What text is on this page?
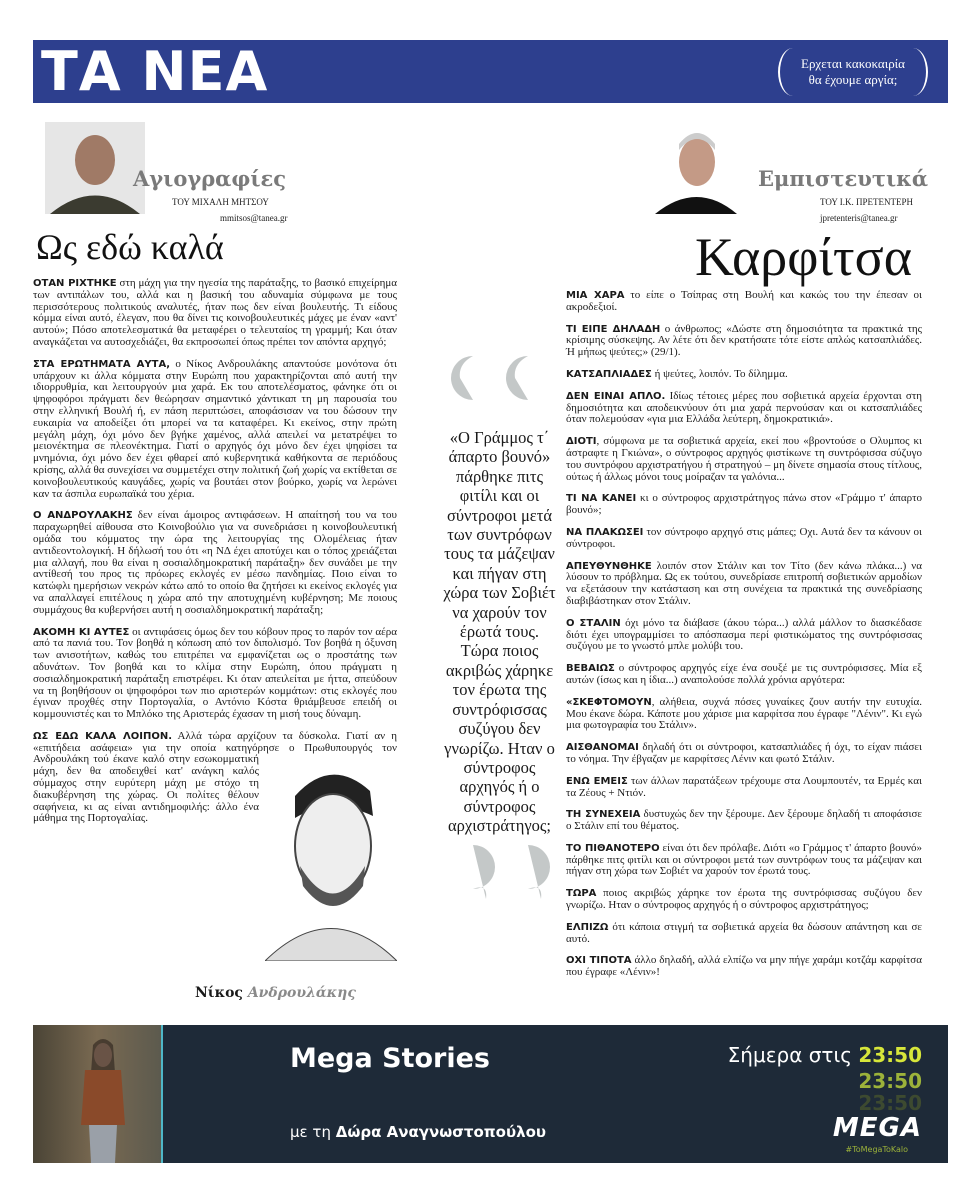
ΤΑ ΝΕΑ	Ερχεται κακοκαιρία
θα έχουμε αργία;
Αγιογραφίες
ΤΟΥ ΜΙΧΑΛΗ ΜΗΤΣΟΥ
mmitsos@tanea.gr
Ως εδώ καλά

ΟΤΑΝ ΡΙΧΤΗΚΕ στη μάχη για την ηγεσία της παράταξης, το βασικό επιχείρημα των αντιπάλων του, αλλά και η βασική του αδυναμία σύμφωνα με τους περισσότερους πολιτικούς αναλυτές, ήταν πως δεν είναι βουλευτής. Τι είδους κόμμα είναι αυτό, έλεγαν, που θα δίνει τις κοινοβουλευτικές μάχες με έναν «αντ' αυτού»; Πόσο αποτελεσματικά θα μεταφέρει ο τελευταίος τη γραμμή; Και όταν αναγκάζεται να αυτοσχεδιάζει, θα εκπροσωπεί όπως πρέπει τον απόντα αρχηγό;

ΣΤΑ ΕΡΩΤΗΜΑΤΑ ΑΥΤΑ, ο Νίκος Ανδρουλάκης απαντούσε μονότονα ότι υπάρχουν κι άλλα κόμματα στην Ευρώπη που χαρακτηρίζονται από αυτή την ιδιορρυθμία, και λειτουργούν μια χαρά. Εκ του αποτελέσματος, φάνηκε ότι οι ψηφοφόροι πράγματι δεν θεώρησαν σημαντικό χάντικαπ τη μη παρουσία του στην ελληνική Βουλή ή, εν πάση περιπτώσει, αποφάσισαν να του δώσουν την ευκαιρία να αποδείξει ότι μπορεί να τα καταφέρει. Κι εκείνος, στην πρώτη μεγάλη μάχη, όχι μόνο δεν βγήκε χαμένος, αλλά απειλεί να μετατρέψει το μειονέκτημα σε πλεονέκτημα. Γιατί ο αρχηγός όχι μόνο δεν έχει ψηφίσει τα μνημόνια, όχι μόνο δεν έχει φθαρεί από κυβερνητικά καθήκοντα σε περιόδους κρίσης, αλλά θα συνεχίσει να συμμετέχει στην πολιτική ζωή χωρίς να εκτίθεται σε κοινοβουλευτικούς καυγάδες, χωρίς να βουτάει στον βούρκο, χωρίς να λερώνει καν τα άσπιλα ευρωπαϊκά του χέρια.

Ο ΑΝΔΡΟΥΛΑΚΗΣ δεν είναι άμοιρος αντιφάσεων. Η απαίτησή του να του παραχωρηθεί αίθουσα στο Κοινοβούλιο για να συνεδριάσει η κοινοβουλευτική ομάδα του κόμματος την ώρα της λειτουργίας της Ολομέλειας ήταν αντιδεοντολογική. Η δήλωσή του ότι «η ΝΔ έχει αποτύχει και ο τόπος χρειάζεται μια αλλαγή, που θα είναι η σοσιαλδημοκρατική παράταξη» δεν συνάδει με την αντίθεσή του προς τις πρόωρες εκλογές εν μέσω πανδημίας. Ποιο είναι το κατώφλι ημερήσιων νεκρών κάτω από το οποίο θα ζητήσει κι εκείνος εκλογές για να απαλλαγεί επιτέλους η χώρα από την αποτυχημένη κυβέρνηση; Με ποιους συμμάχους θα κυβερνήσει αυτή η σοσιαλδημοκρατική παράταξη;

ΑΚΟΜΗ ΚΙ ΑΥΤΕΣ οι αντιφάσεις όμως δεν του κόβουν προς το παρόν τον αέρα από τα πανιά του. Τον βοηθά η κόπωση από τον διπολισμό. Τον βοηθά η όξυνση των ανισοτήτων, καθώς του επιτρέπει να εμφανίζεται ως ο προστάτης των αδυνάτων. Τον βοηθά και το κλίμα στην Ευρώπη, όπου πράγματι η σοσιαλδημοκρατική παράταξη επιστρέφει. Κι όταν απειλείται με ήττα, σπεύδουν να τη βοηθήσουν οι ψηφοφόροι των πιο αριστερών κομμάτων: στις εκλογές που έγιναν προχθές στην Πορτογαλία, ο Αντόνιο Κόστα θριάμβευσε επειδή οι κομμουνιστές και το Μπλόκο της Αριστεράς έχασαν τη μισή τους δύναμη.

ΩΣ ΕΔΩ ΚΑΛΑ ΛΟΙΠΟΝ. Αλλά τώρα αρχίζουν τα δύσκολα. Γιατί αν η «επιτήδεια ασάφεια» για την οποία κατηγόρησε ο Πρωθυπουργός τον Ανδρουλάκη τού έκανε καλό στην εσωκομματική μάχη, δεν θα αποδειχθεί κατ' ανάγκη καλός σύμμαχος στην ευρύτερη μάχη με στόχο τη διακυβέρνηση της χώρας. Οι πολίτες θέλουν σαφήνεια, κι ας είναι αντιδημοφιλής: άλλο ένα μάθημα της Πορτογαλίας.

Νίκος Ανδρουλάκης
«Ο Γράμμος τ΄ άπαρτο βουνό» πάρθηκε πιτς φιτίλι και οι σύντροφοι μετά των συντρόφων τους τα μάζεψαν και πήγαν στη χώρα των Σοβιέτ να χαρούν τον έρωτά τους. Τώρα ποιος ακριβώς χάρηκε τον έρωτα της συντρόφισσας συζύγου δεν γνωρίζω. Ηταν ο σύντροφος αρχηγός ή ο σύντροφος αρχιστράτηγος;
Εμπιστευτικά
ΤΟΥ Ι.Κ. ΠΡΕΤΕΝΤΕΡΗ
jpretenteris@tanea.gr
Καρφίτσα

ΜΙΑ ΧΑΡΑ το είπε ο Τσίπρας στη Βουλή και κακώς του την έπεσαν οι ακροδεξιοί.

ΤΙ ΕΙΠΕ ΔΗΛΑΔΗ ο άνθρωπος; «Δώστε στη δημοσιότητα τα πρακτικά της κρίσιμης σύσκεψης. Αν λέτε ότι δεν κρατήσατε τότε είστε απλώς κατσαπλιάδες. Ή μήπως ψεύτες;» (29/1).

ΚΑΤΣΑΠΛΙΑΔΕΣ ή ψεύτες, λοιπόν. Το δίλημμα.

ΔΕΝ ΕΙΝΑΙ ΑΠΛΟ. Ιδίως τέτοιες μέρες που σοβιετικά αρχεία έρχονται στη δημοσιότητα και αποδεικνύουν ότι μια χαρά περνούσαν και οι κατσαπλιάδες όταν πολεμούσαν «για μια Ελλάδα λεύτερη, δημοκρατικιά».

ΔΙΟΤΙ, σύμφωνα με τα σοβιετικά αρχεία, εκεί που «βροντούσε ο Ολυμπος κι άστραφτε η Γκιώνα», ο σύντροφος αρχηγός φιστίκωνε τη συντρόφισσα σύζυγο του συντρόφου αρχιστρατήγου ή στρατηγού – μη δίνετε σημασία στους τίτλους, ούτως ή άλλως μόνοι τους μοίραζαν τα γαλόνια...

ΤΙ ΝΑ ΚΑΝΕΙ κι ο σύντροφος αρχιστράτηγος πάνω στον «Γράμμο τ' άπαρτο βουνό»;

ΝΑ ΠΛΑΚΩΣΕΙ τον σύντροφο αρχηγό στις μάπες; Οχι. Αυτά δεν τα κάνουν οι σύντροφοι.

ΑΠΕΥΘΥΝΘΗΚΕ λοιπόν στον Στάλιν και τον Τίτο (δεν κάνω πλάκα...) να λύσουν το πρόβλημα. Ως εκ τούτου, συνεδρίασε επιτροπή σοβιετικών αρμοδίων να εξετάσουν την κατάσταση και στη συνέχεια τα πρακτικά της συνεδρίασης διαβιβάστηκαν στον Στάλιν.

Ο ΣΤΑΛΙΝ όχι μόνο τα διάβασε (άκου τώρα...) αλλά μάλλον το διασκέδασε διότι έχει υπογραμμίσει το απόσπασμα περί φιστικώματος της συντρόφισσας συζύγου με το γνωστό μπλε μολύβι του.

ΒΕΒΑΙΩΣ ο σύντροφος αρχηγός είχε ένα σουξέ με τις συντρόφισσες. Μία εξ αυτών (ίσως και η ίδια...) αναπολούσε πολλά χρόνια αργότερα:

«ΣΚΕΦΤΟΜΟΥΝ, αλήθεια, συχνά πόσες γυναίκες ζουν αυτήν την ευτυχία. Μου έκανε δώρα. Κάποτε μου χάρισε μια καρφίτσα που έγραφε "Λένιν". Κι εγώ μια φωτογραφία του Στάλιν».

ΑΙΣΘΑΝΟΜΑΙ δηλαδή ότι οι σύντροφοι, κατσαπλιάδες ή όχι, το είχαν πιάσει το νόημα. Την έβγαζαν με καρφίτσες Λένιν και φωτό Στάλιν.

ΕΝΩ ΕΜΕΙΣ των άλλων παρατάξεων τρέχουμε στα Λουμπουτέν, τα Ερμές και τα Ζέους + Ντιόν.

ΤΗ ΣΥΝΕΧΕΙΑ δυστυχώς δεν την ξέρουμε. Δεν ξέρουμε δηλαδή τι αποφάσισε ο Στάλιν επί του θέματος.

ΤΟ ΠΙΘΑΝΟΤΕΡΟ είναι ότι δεν πρόλαβε. Διότι «ο Γράμμος τ' άπαρτο βουνό» πάρθηκε πιτς φιτίλι και οι σύντροφοι μετά των συντρόφων τους τα μάζεψαν και πήγαν στη χώρα των Σοβιέτ να χαρούν τον έρωτά τους.

ΤΩΡΑ ποιος ακριβώς χάρηκε τον έρωτα της συντρόφισσας συζύγου δεν γνωρίζω. Ηταν ο σύντροφος αρχηγός ή ο σύντροφος αρχιστράτηγος;

ΕΛΠΙΖΩ ότι κάποια στιγμή τα σοβιετικά αρχεία θα δώσουν απάντηση και σε αυτό.

ΟΧΙ ΤΙΠΟΤΑ άλλο δηλαδή, αλλά ελπίζω να μην πήγε χαράμι κοτζάμ καρφίτσα που έγραφε «Λένιν»!

Mega Stories
με τη Δώρα Αναγνωστοπούλου
Σήμερα στις 23:50
23:50
23:50
MEGA
#ToMegaToKalo
